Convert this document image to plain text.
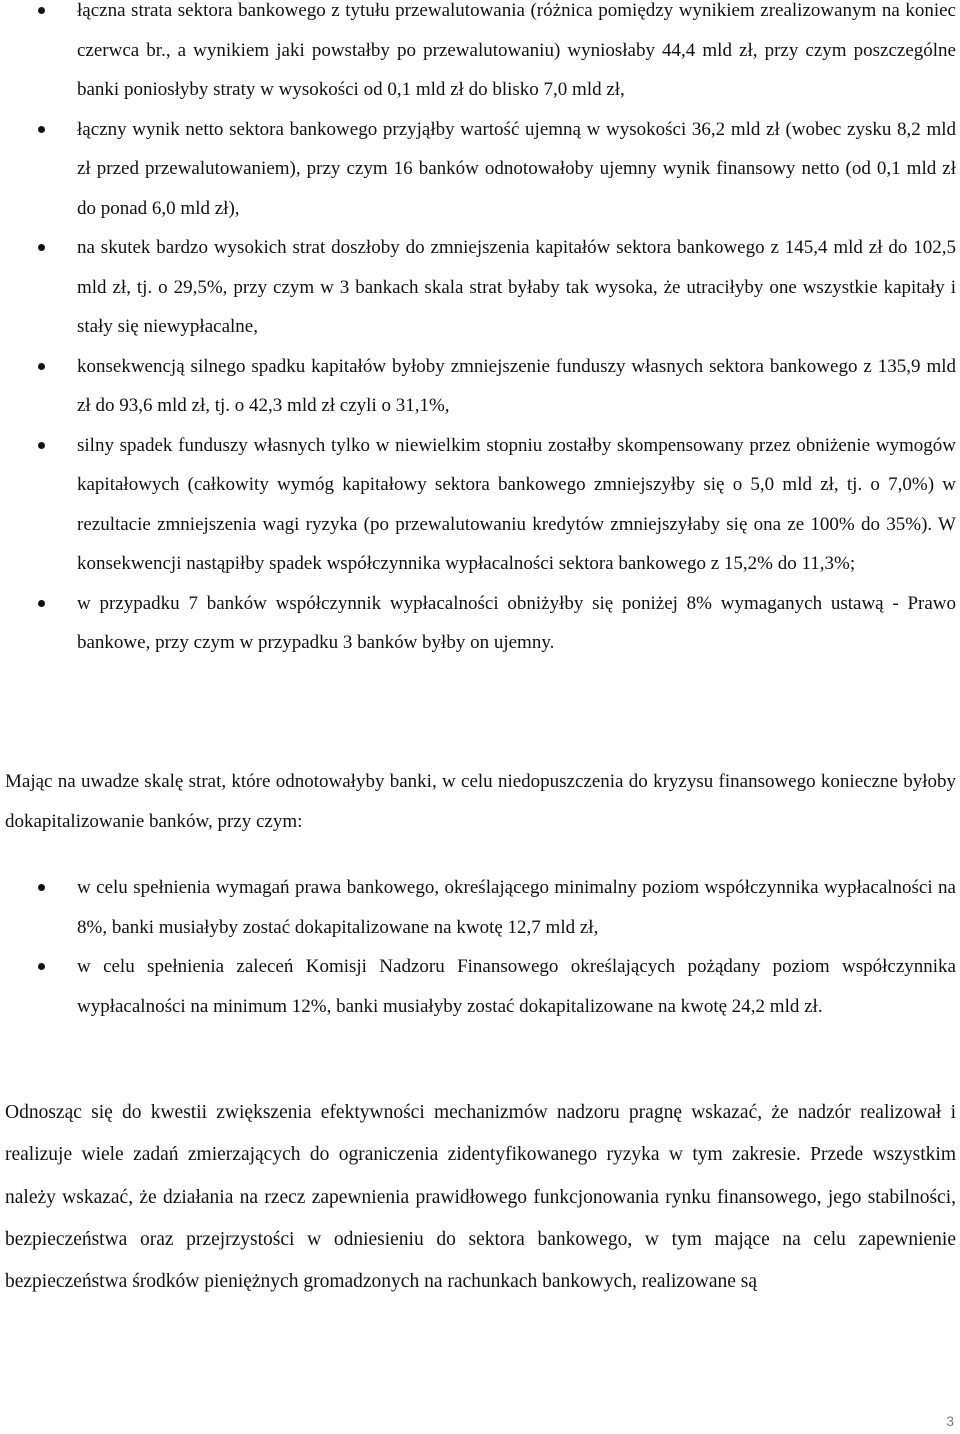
łączna strata sektora bankowego z tytułu przewalutowania (różnica pomiędzy wynikiem zrealizowanym na koniec czerwca br., a wynikiem jaki powstałby po przewalutowaniu) wyniosłaby 44,4 mld zł, przy czym poszczególne banki poniosłyby straty w wysokości od 0,1 mld zł do blisko 7,0 mld zł,
łączny wynik netto sektora bankowego przyjąłby wartość ujemną w wysokości 36,2 mld zł (wobec zysku 8,2 mld zł przed przewalutowaniem), przy czym 16 banków odnotowałoby ujemny wynik finansowy netto (od 0,1 mld zł do ponad 6,0 mld zł),
na skutek bardzo wysokich strat doszłoby do zmniejszenia kapitałów sektora bankowego z 145,4 mld zł do 102,5 mld zł, tj. o 29,5%, przy czym w 3 bankach skala strat byłaby tak wysoka, że utraciłyby one wszystkie kapitały i stały się niewypłacalne,
konsekwencją silnego spadku kapitałów byłoby zmniejszenie funduszy własnych sektora bankowego z 135,9 mld zł do 93,6 mld zł, tj. o 42,3 mld zł czyli o 31,1%,
silny spadek funduszy własnych tylko w niewielkim stopniu zostałby skompensowany przez obniżenie wymogów kapitałowych (całkowity wymóg kapitałowy sektora bankowego zmniejszyłby się o 5,0 mld zł, tj. o 7,0%) w rezultacie zmniejszenia wagi ryzyka (po przewalutowaniu kredytów zmniejszyłaby się ona ze 100% do 35%). W konsekwencji nastąpiłby spadek współczynnika wypłacalności sektora bankowego z 15,2% do 11,3%;
w przypadku 7 banków współczynnik wypłacalności obniżyłby się poniżej 8% wymaganych ustawą - Prawo bankowe, przy czym w przypadku 3 banków byłby on ujemny.

Mając na uwadze skalę strat, które odnotowałyby banki, w celu niedopuszczenia do kryzysu finansowego konieczne byłoby dokapitalizowanie banków, przy czym:

w celu spełnienia wymagań prawa bankowego, określającego minimalny poziom współczynnika wypłacalności na 8%, banki musiałyby zostać dokapitalizowane na kwotę 12,7 mld zł,
w celu spełnienia zaleceń Komisji Nadzoru Finansowego określających pożądany poziom współczynnika wypłacalności na minimum 12%, banki musiałyby zostać dokapitalizowane na kwotę 24,2 mld zł.

Odnosząc się do kwestii zwiększenia efektywności mechanizmów nadzoru pragnę wskazać, że nadzór realizował i realizuje wiele zadań zmierzających do ograniczenia zidentyfikowanego ryzyka w tym zakresie. Przede wszystkim należy wskazać, że działania na rzecz zapewnienia prawidłowego funkcjonowania rynku finansowego, jego stabilności, bezpieczeństwa oraz przejrzystości w odniesieniu do sektora bankowego, w tym mające na celu zapewnienie bezpieczeństwa środków pieniężnych gromadzonych na rachunkach bankowych, realizowane są

3
